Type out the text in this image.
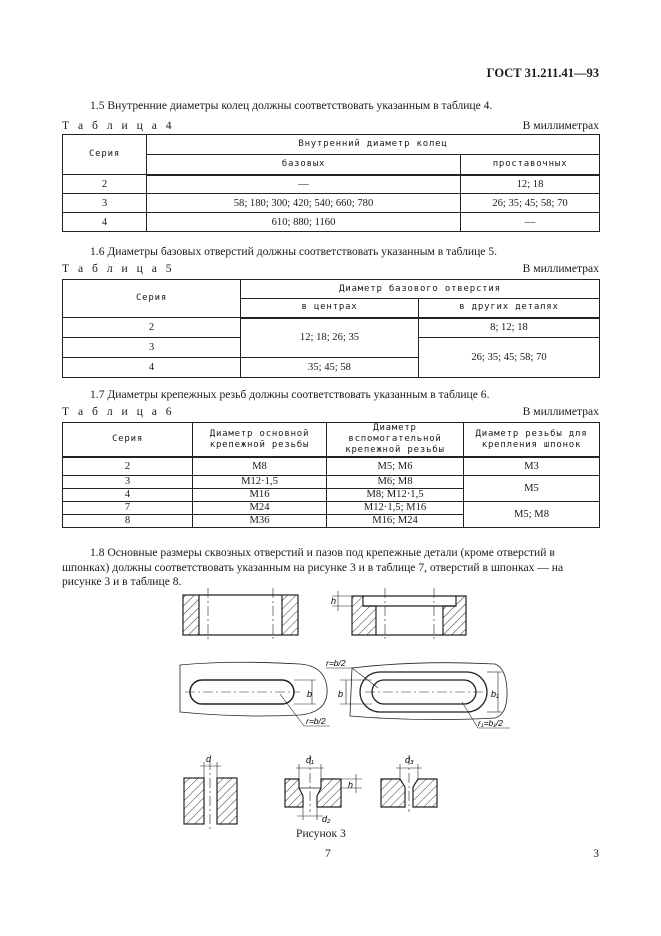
ГОСТ 31.211.41—93
1.5 Внутренние диаметры колец должны соответствовать указанным в таблице 4.
Т а б л и ц а 4	В миллиметрах
Серия	Внутренний диаметр колец	
	базовых	проставочных
2	—	12; 18
3	58; 180; 300; 420; 540; 660; 780	26; 35; 45; 58; 70
4	610; 880; 1160	—
1.6 Диаметры базовых отверстий должны соответствовать указанным в таблице 5.
Т а б л и ц а 5	В миллиметрах
Серия	Диаметр базового отверстия	
	в центрах	в других деталях
2	12; 18; 26; 35	8; 12; 18
3		26; 35; 45; 58; 70
4	35; 45; 58	
1.7 Диаметры крепежных резьб должны соответствовать указанным в таблице 6.
Т а б л и ц а 6	В миллиметрах
Серия	Диаметр основной крепежной резьбы	Диаметр вспомогательной крепежной резьбы	Диаметр резьбы для крепления шпонок
2	М8	М5; М6	М3
3	М12·1,5	М6; М8	М5
4	М16	М8; М12·1,5	
7	М24	М12·1,5; М16	М5; М8
8	М36	М16; М24	
1.8 Основные размеры сквозных отверстий и пазов под крепежные детали (кроме отверстий в шпонках) должны соответствовать указанным на рисунке 3 и в таблице 7, отверстий в шпонках — на рисунке 3 и в таблице 8.
h
b
r=b/2
b	b₁
r=b/2
r₁=b₁/2
d	d₁
d₂
h
d₃
Рисунок 3
7	3
